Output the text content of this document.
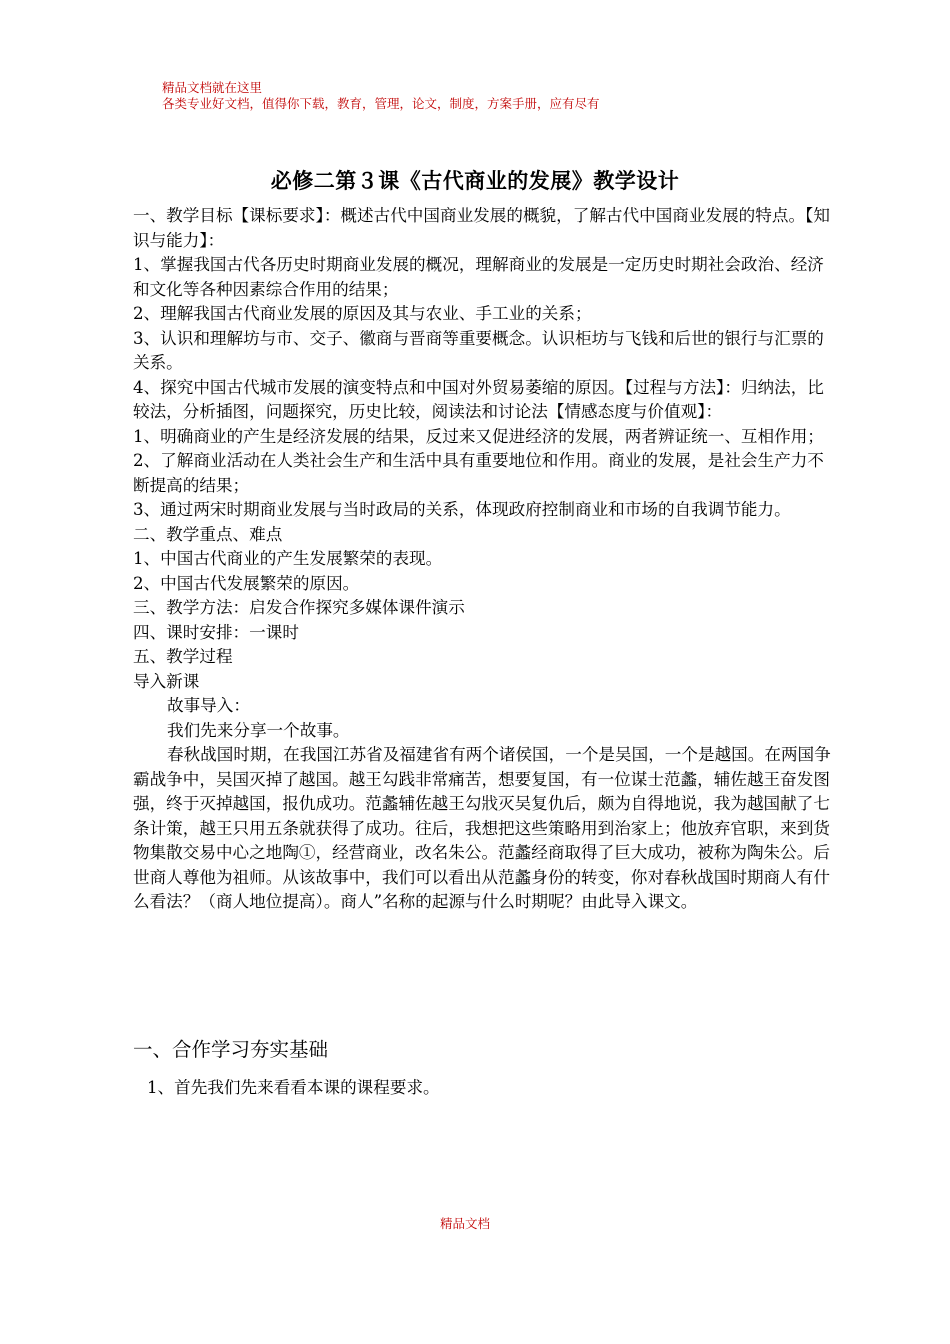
精品文档就在这里
各类专业好文档，值得你下载，教育，管理，论文，制度，方案手册，应有尽有
必修二第３课《古代商业的发展》教学设计

一、教学目标【课标要求】：概述古代中国商业发展的概貌，了解古代中国商业发展的特点。【知识与能力】：

1、掌握我国古代各历史时期商业发展的概况，理解商业的发展是一定历史时期社会政治、经济和文化等各种因素综合作用的结果；

2、理解我国古代商业发展的原因及其与农业、手工业的关系；

3、认识和理解坊与市、交子、徽商与晋商等重要概念。认识柜坊与飞钱和后世的银行与汇票的关系。

4、探究中国古代城市发展的演变特点和中国对外贸易萎缩的原因。【过程与方法】：归纳法，比较法，分析插图，问题探究，历史比较，阅读法和讨论法【情感态度与价值观】：

1、明确商业的产生是经济发展的结果，反过来又促进经济的发展，两者辨证统一、互相作用；

2、了解商业活动在人类社会生产和生活中具有重要地位和作用。商业的发展，是社会生产力不断提高的结果；

3、通过两宋时期商业发展与当时政局的关系，体现政府控制商业和市场的自我调节能力。

二、教学重点、难点

1、中国古代商业的产生发展繁荣的表现。

2、中国古代发展繁荣的原因。

三、教学方法：启发合作探究多媒体课件演示

四、课时安排：一课时

五、教学过程

导入新课

故事导入：

我们先来分享一个故事。

春秋战国时期，在我国江苏省及福建省有两个诸侯国，一个是吴国，一个是越国。在两国争霸战争中，吴国灭掉了越国。越王勾践非常痛苦，想要复国，有一位谋士范蠡，辅佐越王奋发图强，终于灭掉越国，报仇成功。范蠡辅佐越王勾戕灭吴复仇后，颇为自得地说，我为越国献了七条计策，越王只用五条就获得了成功。往后，我想把这些策略用到治家上；他放弃官职，来到货物集散交易中心之地陶①，经营商业，改名朱公。范蠡经商取得了巨大成功，被称为陶朱公。后世商人尊他为祖师。从该故事中，我们可以看出从范蠡身份的转变，你对春秋战国时期商人有什么看法？（商人地位提高）。商人”名称的起源与什么时期呢？由此导入课文。

一、合作学习夯实基础
1、首先我们先来看看本课的课程要求。
精品文档
